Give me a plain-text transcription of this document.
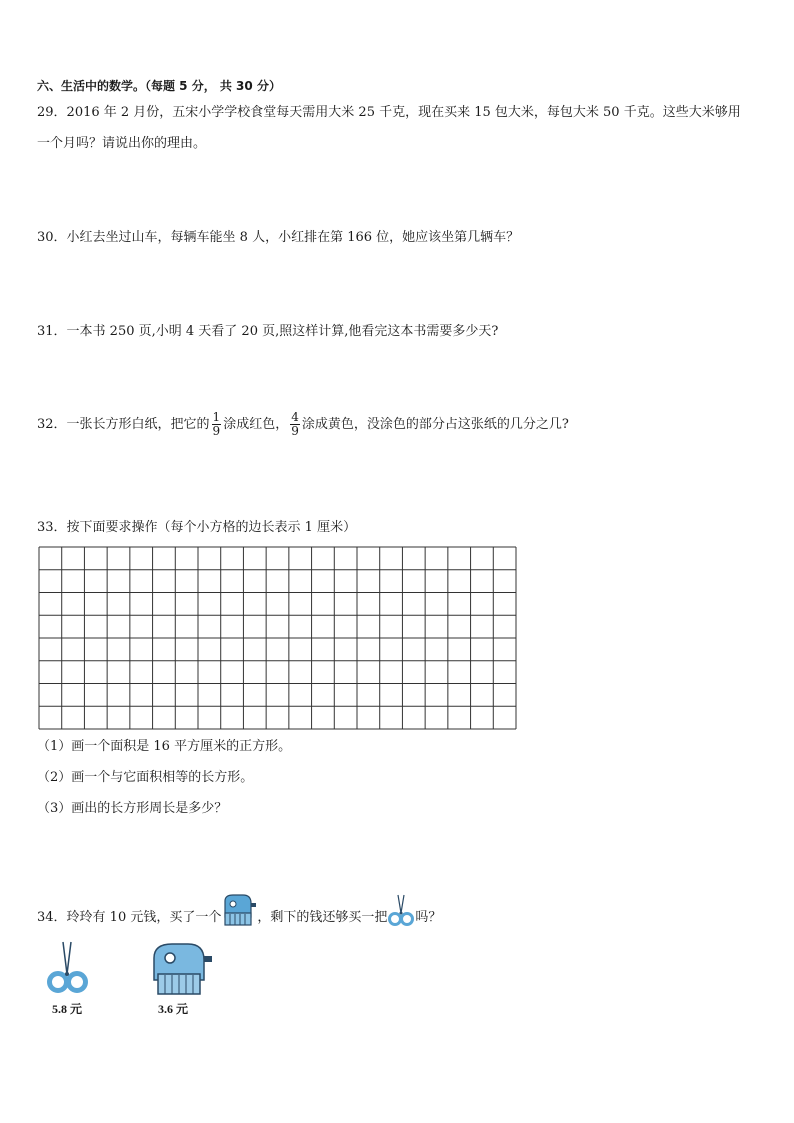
六、生活中的数学。（每题 5 分， 共 30 分）
29．2016 年 2 月份，五宋小学学校食堂每天需用大米 25 千克，现在买来 15 包大米，每包大米 50 千克。这些大米够用
一个月吗？请说出你的理由。
30．小红去坐过山车，每辆车能坐 8 人，小红排在第 166 位，她应该坐第几辆车？
31．一本书 250 页,小明 4 天看了 20 页,照这样计算,他看完这本书需要多少天?
32．一张长方形白纸，把它的 $\frac{1}{9}$ 涂成红色， $\frac{4}{9}$ 涂成黄色，没涂色的部分占这张纸的几分之几?
33．按下面要求操作（每个小方格的边长表示 1 厘米）
（1）画一个面积是 16 平方厘米的正方形。
（2）画一个与它面积相等的长方形。
（3）画出的长方形周长是多少？
34．玲玲有 10 元钱，买了一个	，剩下的钱还够买一把 吗？
5.8 元	3.6 元
